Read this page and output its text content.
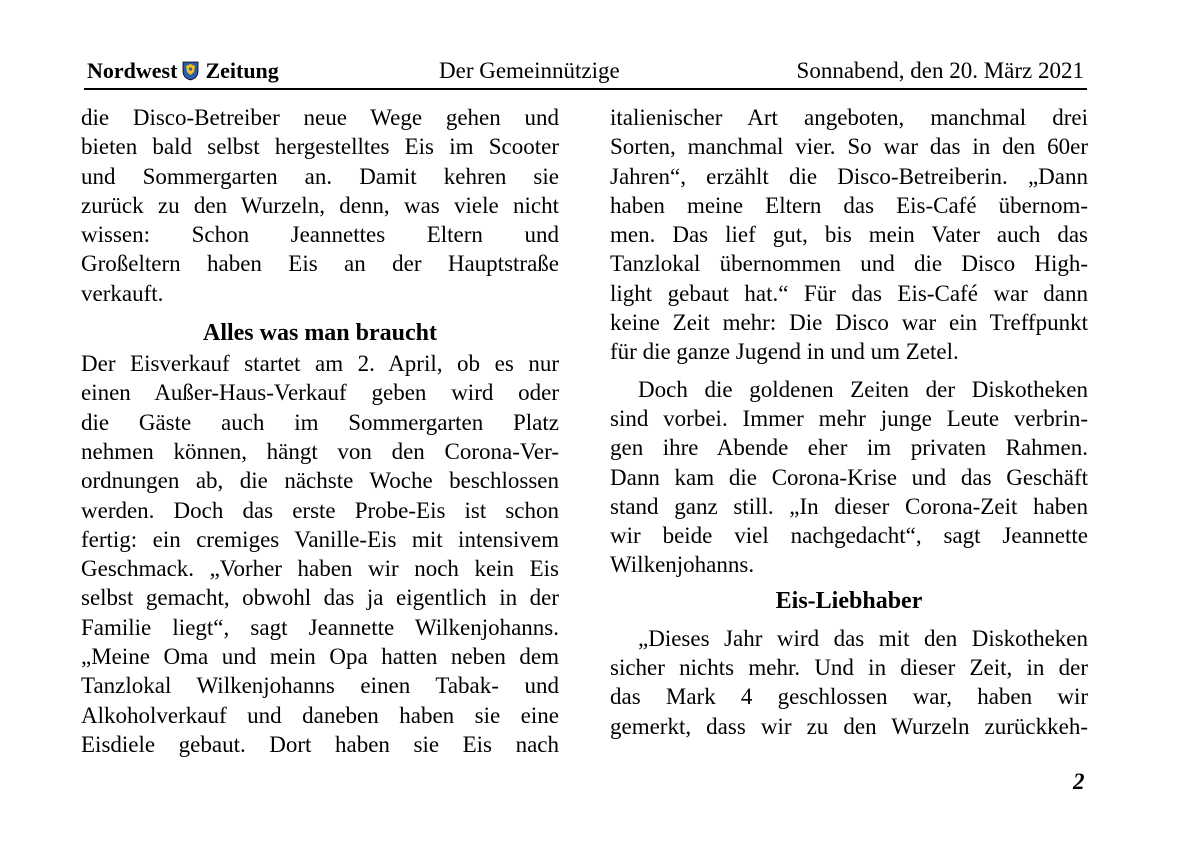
Nordwest Zeitung	Der Gemeinnützige	Sonnabend, den 20. März 2021
die Disco-Betreiber neue Wege gehen und
bieten bald selbst hergestelltes Eis im Scooter
und Sommergarten an. Damit kehren sie
zurück zu den Wurzeln, denn, was viele nicht
wissen: Schon Jeannettes Eltern und
Großeltern haben Eis an der Hauptstraße
verkauft.
Alles was man braucht
Der Eisverkauf startet am 2. April, ob es nur
einen Außer-Haus-Verkauf geben wird oder
die Gäste auch im Sommergarten Platz
nehmen können, hängt von den Corona-Ver-
ordnungen ab, die nächste Woche beschlossen
werden. Doch das erste Probe-Eis ist schon
fertig: ein cremiges Vanille-Eis mit intensivem
Geschmack. „Vorher haben wir noch kein Eis
selbst gemacht, obwohl das ja eigentlich in der
Familie liegt“, sagt Jeannette Wilkenjohanns.
„Meine Oma und mein Opa hatten neben dem
Tanzlokal Wilkenjohanns einen Tabak- und
Alkoholverkauf und daneben haben sie eine
Eisdiele gebaut. Dort haben sie Eis nach
italienischer Art angeboten, manchmal drei
Sorten, manchmal vier. So war das in den 60er
Jahren“, erzählt die Disco-Betreiberin. „Dann
haben meine Eltern das Eis-Café übernom-
men. Das lief gut, bis mein Vater auch das
Tanzlokal übernommen und die Disco High-
light gebaut hat.“ Für das Eis-Café war dann
keine Zeit mehr: Die Disco war ein Treffpunkt
für die ganze Jugend in und um Zetel.
Doch die goldenen Zeiten der Diskotheken
sind vorbei. Immer mehr junge Leute verbrin-
gen ihre Abende eher im privaten Rahmen.
Dann kam die Corona-Krise und das Geschäft
stand ganz still. „In dieser Corona-Zeit haben
wir beide viel nachgedacht“, sagt Jeannette
Wilkenjohanns.
Eis-Liebhaber
„Dieses Jahr wird das mit den Diskotheken
sicher nichts mehr. Und in dieser Zeit, in der
das Mark 4 geschlossen war, haben wir
gemerkt, dass wir zu den Wurzeln zurückkeh-
2
